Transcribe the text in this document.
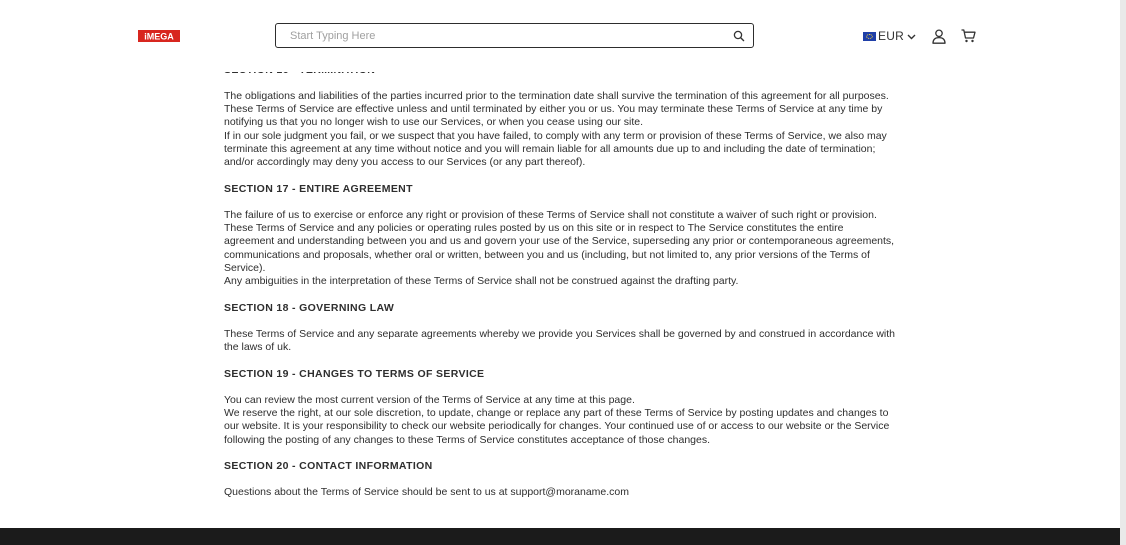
iMEGA
Start Typing Here	EUR

The obligations and liabilities of the parties incurred prior to the termination date shall survive the termination of this agreement for all purposes. These Terms of Service are effective unless and until terminated by either you or us. You may terminate these Terms of Service at any time by notifying us that you no longer wish to use our Services, or when you cease using our site.

If in our sole judgment you fail, or we suspect that you have failed, to comply with any term or provision of these Terms of Service, we also may terminate this agreement at any time without notice and you will remain liable for all amounts due up to and including the date of termination; and/or accordingly may deny you access to our Services (or any part thereof).

SECTION 17 - ENTIRE AGREEMENT

The failure of us to exercise or enforce any right or provision of these Terms of Service shall not constitute a waiver of such right or provision. These Terms of Service and any policies or operating rules posted by us on this site or in respect to The Service constitutes the entire agreement and understanding between you and us and govern your use of the Service, superseding any prior or contemporaneous agreements, communications and proposals, whether oral or written, between you and us (including, but not limited to, any prior versions of the Terms of Service).

Any ambiguities in the interpretation of these Terms of Service shall not be construed against the drafting party.

SECTION 18 - GOVERNING LAW

These Terms of Service and any separate agreements whereby we provide you Services shall be governed by and construed in accordance with the laws of uk.

SECTION 19 - CHANGES TO TERMS OF SERVICE

You can review the most current version of the Terms of Service at any time at this page.

We reserve the right, at our sole discretion, to update, change or replace any part of these Terms of Service by posting updates and changes to our website. It is your responsibility to check our website periodically for changes. Your continued use of or access to our website or the Service following the posting of any changes to these Terms of Service constitutes acceptance of those changes.

SECTION 20 - CONTACT INFORMATION

Questions about the Terms of Service should be sent to us at support@moraname.com
